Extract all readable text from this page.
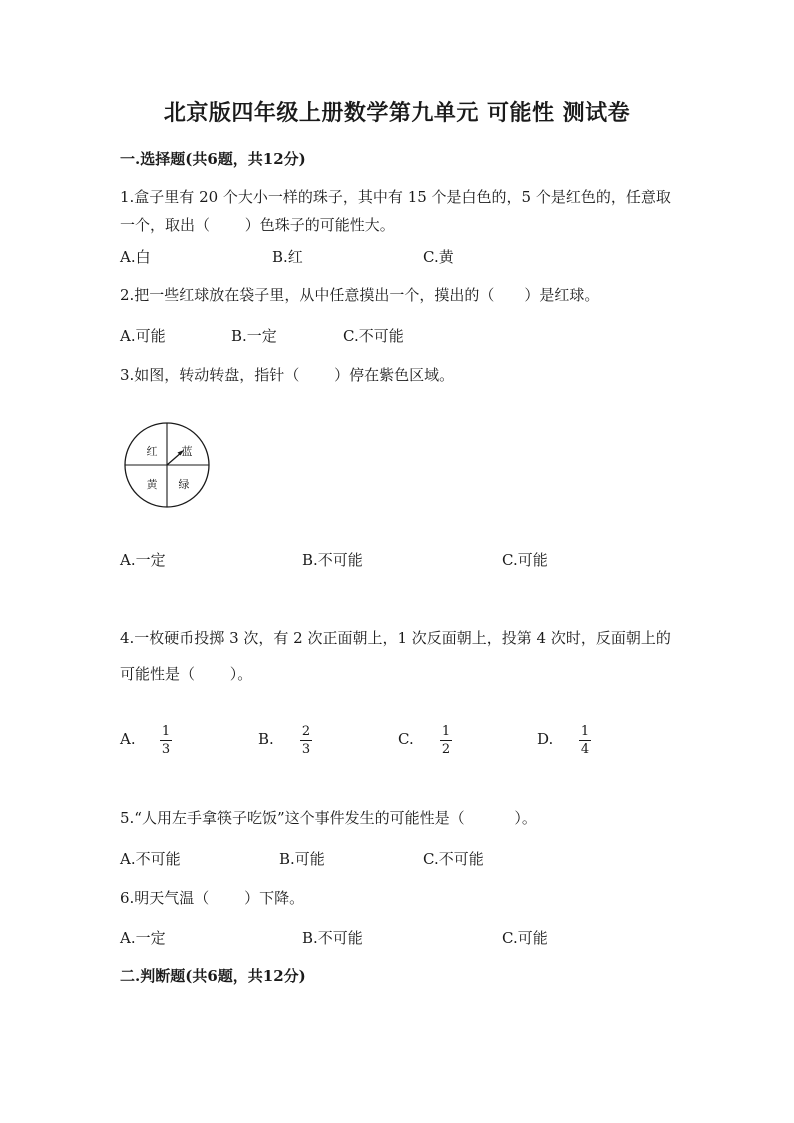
北京版四年级上册数学第九单元 可能性 测试卷
一.选择题(共6题，共12分)
1.盒子里有 20 个大小一样的珠子，其中有 15 个是白色的，5 个是红色的，任意取一个，取出（　　 ）色珠子的可能性大。
A.白	B.红	C.黄
2.把一些红球放在袋子里，从中任意摸出一个，摸出的（　　）是红球。
A.可能	B.一定	C.不可能
3.如图，转动转盘，指针（　　 ）停在紫色区域。
红 蓝
黄 绿
A.一定	B.不可能	C.可能
4.一枚硬币投掷 3 次，有 2 次正面朝上，1 次反面朝上，投第 4 次时，反面朝上的可能性是（　　 ）。
A. 1
3
B. 2
3
C. 1
2
D. 1
4
5.“人用左手拿筷子吃饭”这个事件发生的可能性是（　　　 ）。
A.不可能	B.可能	C.不可能
6.明天气温（　　 ）下降。
A.一定	B.不可能	C.可能
二.判断题(共6题，共12分)
